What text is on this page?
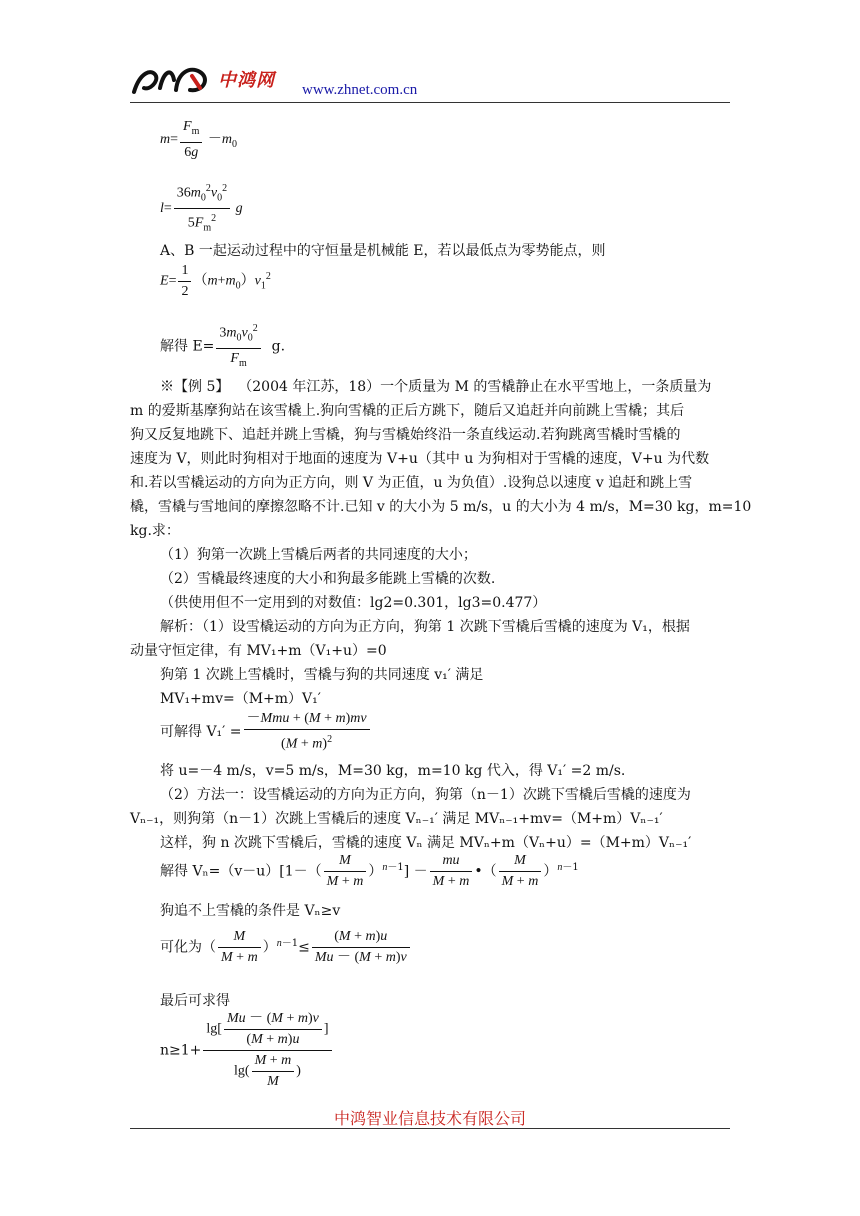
中鸿网 www.zhnet.com.cn
$m= \frac{F_m}{6g} -m_0$
$l= \frac{36m_0^2v_0^2}{5F_m^2}$ g
A、B 一起运动过程中的守恒量是机械能 E，若以最低点为零势能点，则
$E= \frac{1}{2} (m+m_0)v_1^2$
解得 $E= \frac{3m_0v_0^2}{F_m} g$.
※【例 5】 （2004 年江苏，18）一个质量为 M 的雪橇静止在水平雪地上，一条质量为
m 的爱斯基摩狗站在该雪橇上.狗向雪橇的正后方跳下，随后又追赶并向前跳上雪橇；其后
狗又反复地跳下、追赶并跳上雪橇，狗与雪橇始终沿一条直线运动.若狗跳离雪橇时雪橇的
速度为 V，则此时狗相对于地面的速度为 V+u（其中 u 为狗相对于雪橇的速度，V+u 为代数
和.若以雪橇运动的方向为正方向，则 V 为正值，u 为负值）.设狗总以速度 v 追赶和跳上雪
橇，雪橇与雪地间的摩擦忽略不计.已知 v 的大小为 5 m/s，u 的大小为 4 m/s，M=30 kg，m=10
kg.求：
（1）狗第一次跳上雪橇后两者的共同速度的大小；
（2）雪橇最终速度的大小和狗最多能跳上雪橇的次数.
（供使用但不一定用到的对数值：lg2=0.301，lg3=0.477）
解析：（1）设雪橇运动的方向为正方向，狗第 1 次跳下雪橇后雪橇的速度为 V₁，根据
动量守恒定律，有 MV₁+m（V₁+u）=0
狗第 1 次跳上雪橇时，雪橇与狗的共同速度 v₁′ 满足
MV₁+mv=（M+m）V₁′
可解得 $V_1' = \frac{\text{－Mmu + (M + m)mv}}{(M + m)^2}$
将 u=－4 m/s，v=5 m/s，M=30 kg，m=10 kg 代入，得 V₁′ =2 m/s.
（2）方法一：设雪橇运动的方向为正方向，狗第（n－1）次跳下雪橇后雪橇的速度为
Vₙ₋₁，则狗第（n－1）次跳上雪橇后的速度 Vₙ₋₁′ 满足 MVₙ₋₁+mv=（M+m）Vₙ₋₁′
这样，狗 n 次跳下雪橇后，雪橇的速度 Vₙ 满足 MVₙ+m（Vₙ+u）=（M+m）Vₙ₋₁′
解得 $V_n=(v-u)[1-( \frac{M}{M + m} )^{n-1}] - \frac{mu}{M + m}$ •（ $\frac{M}{M + m} )^{n-1}$
狗追不上雪橇的条件是 Vₙ≥v
可化为（ $\frac{M}{M + m} )^{n-1}\le \frac{(M + m)u}{Mu - (M + m)v}$
最后可求得
$n\ge 1+ \frac{\lg[ \frac{Mu - (M + m)v}{(M + m)u} ]}{\lg( \frac{M + m}{M} )}$
中鸿智业信息技术有限公司
